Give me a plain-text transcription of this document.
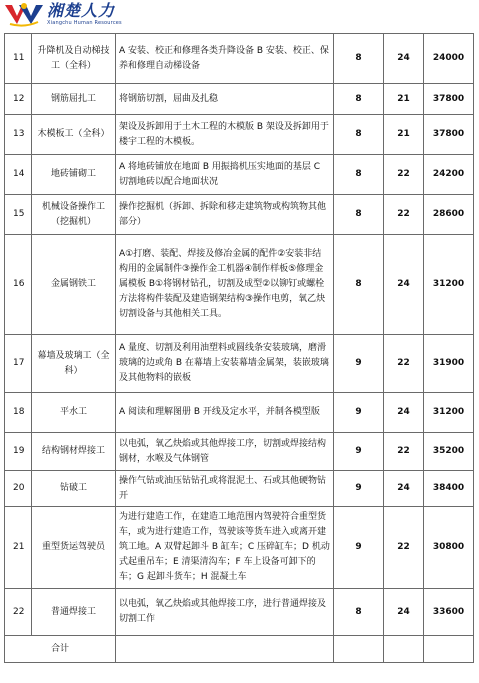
湘楚人力
Xiangchu Human Resources
11	升降机及自动梯技工（全科）	A 安装、校正和修理各类升降设备 B 安装、校正、保养和修理自动梯设备	8	24	24000
12	钢筋屈扎工	将钢筋切割，屈曲及扎稳	8	21	37800
13	木模板工（全科）	架设及拆卸用于土木工程的木模版 B 架设及拆卸用于楼宇工程的木模板。	8	21	37800
14	地砖铺砌工	A 将地砖铺放在地面 B 用振捣机压实地面的基层 C 切割地砖以配合地面状况	8	22	24200
15	机械设备操作工（挖掘机）	操作挖掘机（拆卸、拆除和移走建筑物或构筑物其他部分）	8	22	28600
16	金属钢铁工	A①打磨、装配、焊接及修冶金属的配件②安装非结构用的金属制件③操作金工机器④制作样板⑤修理金属模板 B①将钢材钻孔，切割及成型②以铆钉或螺栓方法将构件装配及建造钢架结构③操作电剪，氧乙炔切割设备与其他相关工具。	8	24	31200
17	幕墙及玻璃工（全科）	A 量度、切割及利用油塑料或圆线条安装玻璃，磨滑玻璃的边或角 B 在幕墙上安装幕墙金属架，装嵌玻璃及其他物料的嵌板	9	22	31900
18	平水工	A 阅读和理解图册 B 开线及定水平，并制各模型版	9	24	31200
19	结构钢材焊接工	以电弧，氧乙炔焰或其他焊接工序，切割或焊接结构钢材，水喉及气体钢管	9	22	35200
20	钻破工	操作气钻或油压钻钻孔或将混泥土、石或其他硬物钻开	9	24	38400
21	重型货运驾驶员	为进行建造工作，在建造工地范围内驾驶符合重型货车，或为进行建造工作，驾驶该等货车进入或离开建筑工地。A 双臂起卸斗 B 缸车；C 压碎缸车；D 机动式起重吊车；E 清渠清沟车；F 车上设备可卸下的车；G 起卸斗货车；H 混凝土车	9	22	30800
22	普通焊接工	以电弧，氧乙炔焰或其他焊接工序，进行普通焊接及切割工作	8	24	33600
合计					
